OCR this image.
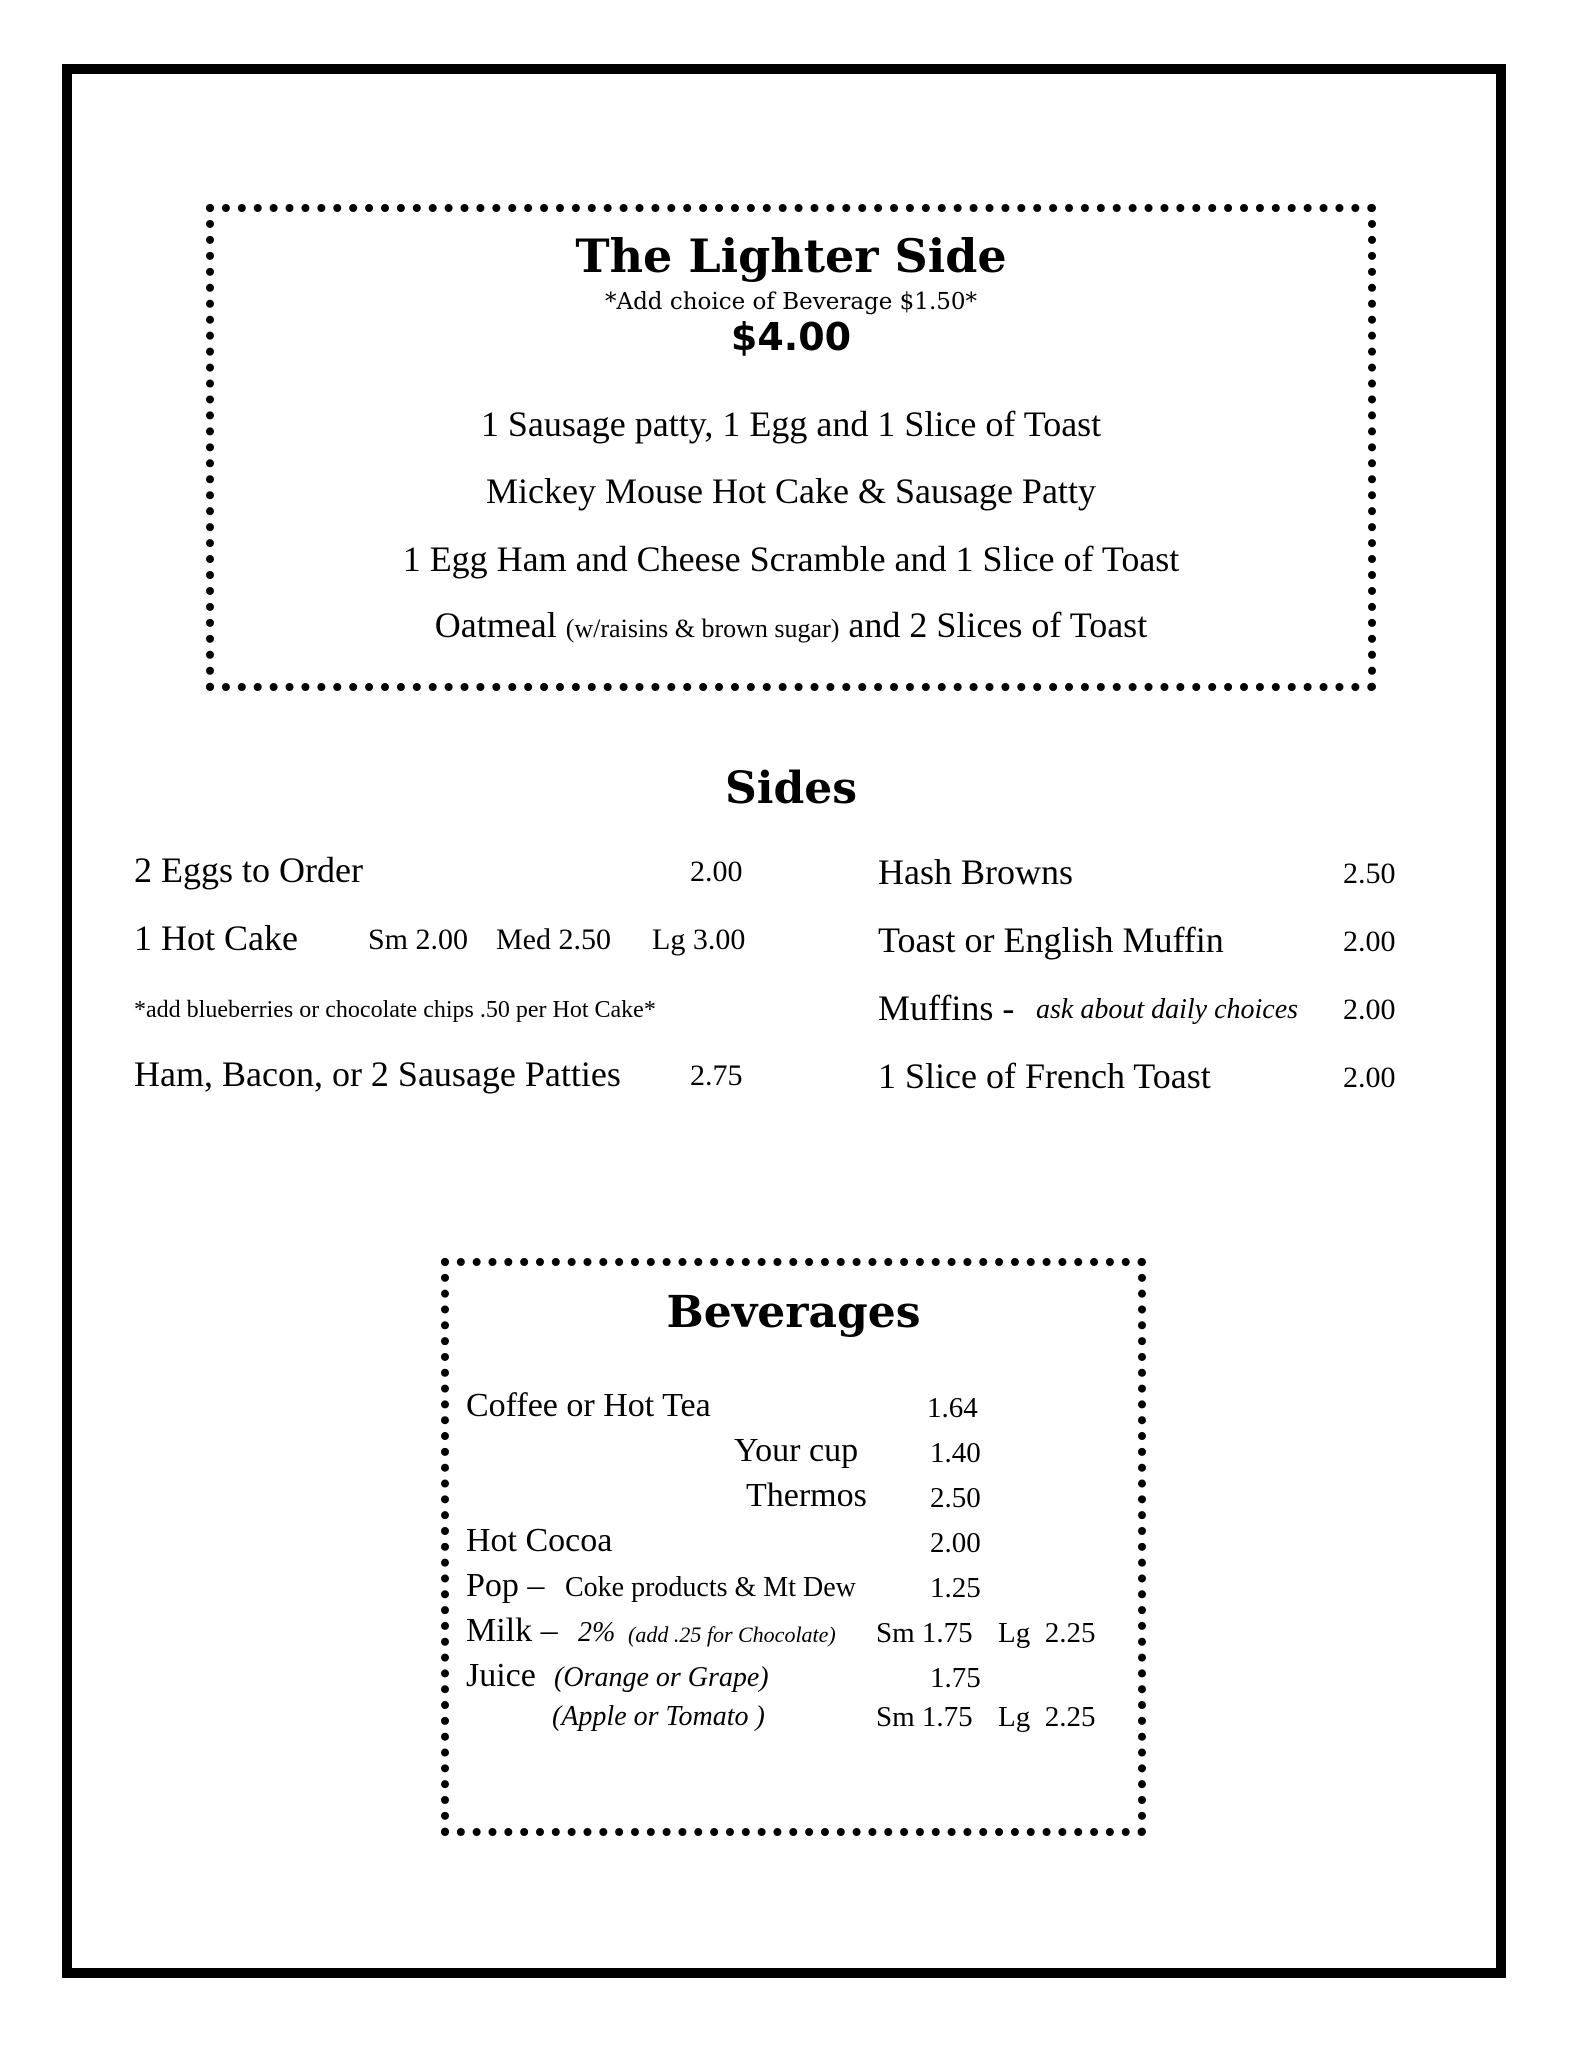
The Lighter Side
*Add choice of Beverage $1.50*
$4.00
1 Sausage patty, 1 Egg and 1 Slice of Toast
Mickey Mouse Hot Cake & Sausage Patty
1 Egg Ham and Cheese Scramble and 1 Slice of Toast
Oatmeal (w/raisins & brown sugar) and 2 Slices of Toast
Sides
2 Eggs to Order	2.00
1 Hot Cake Sm 2.00 Med 2.50 Lg 3.00
*add blueberries or chocolate chips .50 per Hot Cake*
Ham, Bacon, or 2 Sausage Patties 2.75
Hash Browns	2.50
Toast or English Muffin	2.00
Muffins - ask about daily choices 2.00
1 Slice of French Toast	2.00
Beverages
Coffee or Hot Tea	1.64
Your cup 1.40
Thermos 2.50
Hot Cocoa	2.00
Pop – Coke products & Mt Dew	1.25
Milk – 2% (add .25 for Chocolate) Sm 1.75 Lg  2.25
Juice (Orange or Grape)	1.75
(Apple or Tomato )	Sm 1.75 Lg  2.25
